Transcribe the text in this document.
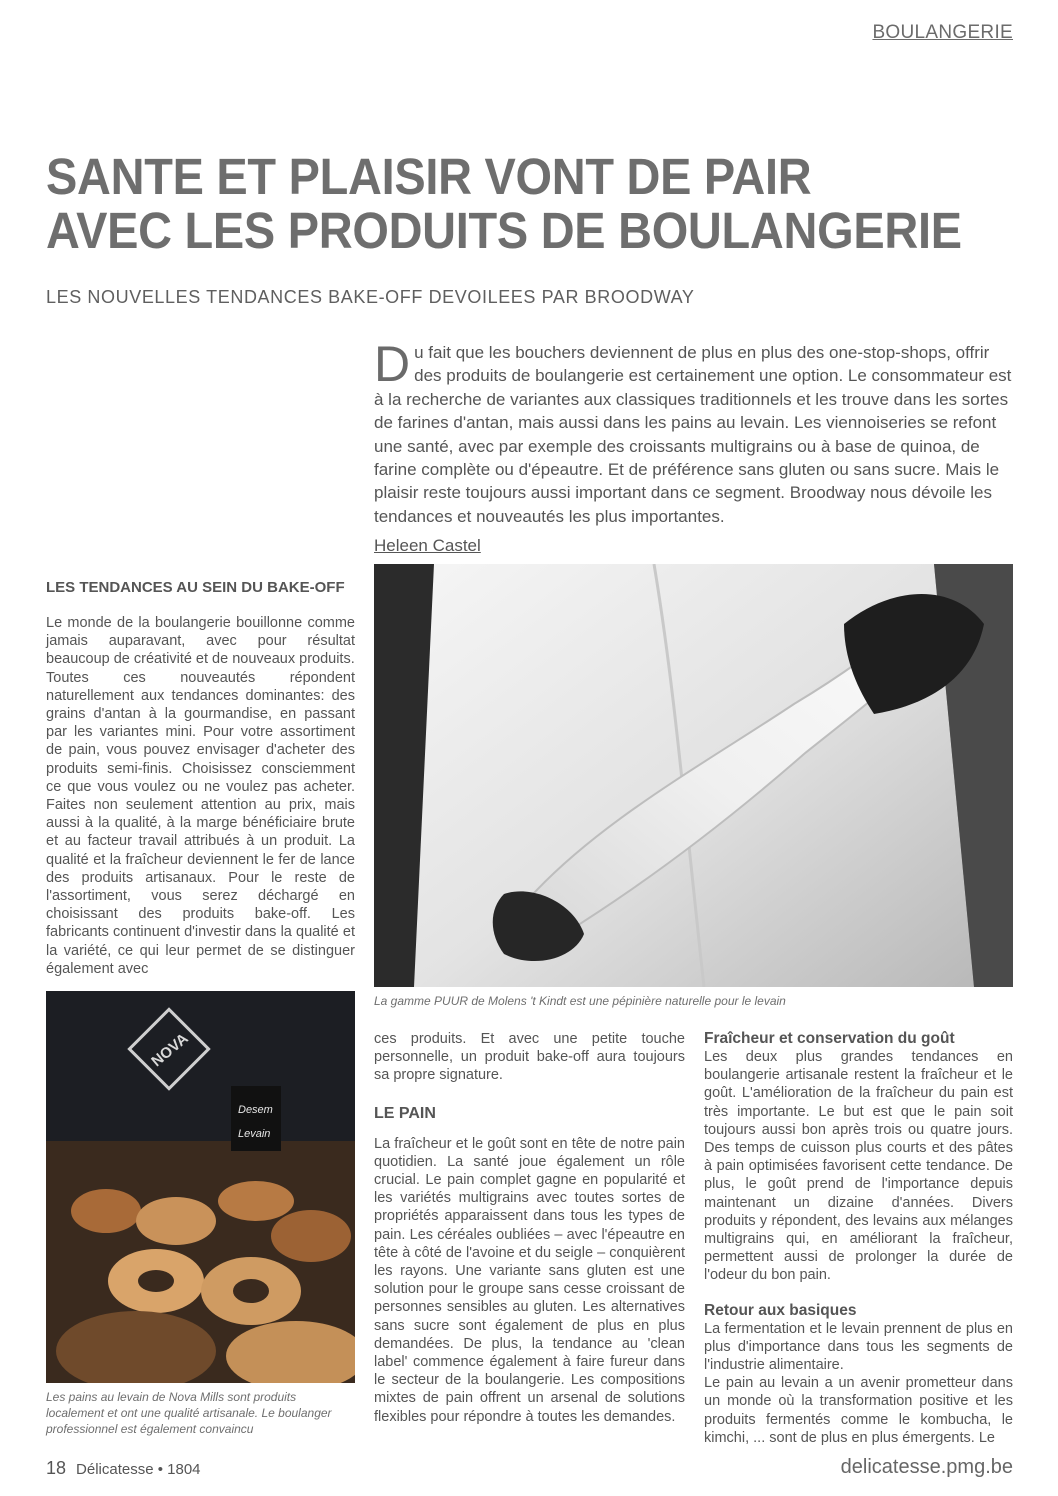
BOULANGERIE
SANTE ET PLAISIR VONT DE PAIR
AVEC LES PRODUITS DE BOULANGERIE
LES NOUVELLES TENDANCES BAKE-OFF DEVOILEES PAR BROODWAY

Du fait que les bouchers deviennent de plus en plus des one-stop-shops, offrir des produits de boulangerie est certainement une option. Le consommateur est à la recherche de variantes aux classiques traditionnels et les trouve dans les sortes de farines d'antan, mais aussi dans les pains au levain. Les viennoiseries se refont une santé, avec par exemple des croissants multigrains ou à base de quinoa, de farine complète ou d'épeautre. Et de préférence sans gluten ou sans sucre. Mais le plaisir reste toujours aussi important dans ce segment. Broodway nous dévoile les tendances et nouveautés les plus importantes.

Heleen Castel
La gamme PUUR de Molens 't Kindt est une pépinière naturelle pour le levain
LES TENDANCES AU SEIN DU BAKE-OFF

Le monde de la boulangerie bouillonne comme jamais auparavant, avec pour résultat beaucoup de créativité et de nouveaux produits.

Toutes ces nouveautés répondent naturellement aux tendances dominantes: des grains d'antan à la gourmandise, en passant par les variantes mini. Pour votre assortiment de pain, vous pouvez envisager d'acheter des produits semi-finis. Choisissez consciemment ce que vous voulez ou ne voulez pas acheter. Faites non seulement attention au prix, mais aussi à la qualité, à la marge bénéficiaire brute et au facteur travail attribués à un produit. La qualité et la fraîcheur deviennent le fer de lance des produits artisanaux. Pour le reste de l'assortiment, vous serez déchargé en choisissant des produits bake-off. Les fabricants continuent d'investir dans la qualité et la variété, ce qui leur permet de se distinguer également avec

NOVA
Desem
Levain
Les pains au levain de Nova Mills sont produits localement et ont une qualité artisanale. Le boulanger professionnel est également convaincu

ces produits. Et avec une petite touche personnelle, un produit bake-off aura toujours sa propre signature.

LE PAIN

La fraîcheur et le goût sont en tête de notre pain quotidien. La santé joue également un rôle crucial. Le pain complet gagne en popularité et les variétés multigrains avec toutes sortes de propriétés apparaissent dans tous les types de pain. Les céréales oubliées – avec l'épeautre en tête à côté de l'avoine et du seigle – conquièrent les rayons. Une variante sans gluten est une solution pour le groupe sans cesse croissant de personnes sensibles au gluten. Les alternatives sans sucre sont également de plus en plus demandées. De plus, la tendance au 'clean label' commence également à faire fureur dans le secteur de la boulangerie. Les compositions mixtes de pain offrent un arsenal de solutions flexibles pour répondre à toutes les demandes.

Fraîcheur et conservation du goût

Les deux plus grandes tendances en boulangerie artisanale restent la fraîcheur et le goût. L'amélioration de la fraîcheur du pain est très importante. Le but est que le pain soit toujours aussi bon après trois ou quatre jours. Des temps de cuisson plus courts et des pâtes à pain optimisées favorisent cette tendance. De plus, le goût prend de l'importance depuis maintenant un dizaine d'années. Divers produits y répondent, des levains aux mélanges multigrains qui, en améliorant la fraîcheur, permettent aussi de prolonger la durée de l'odeur du bon pain.

Retour aux basiques

La fermentation et le levain prennent de plus en plus d'importance dans tous les segments de l'industrie alimentaire.

Le pain au levain a un avenir prometteur dans un monde où la transformation positive et les produits fermentés comme le kombucha, le kimchi, ... sont de plus en plus émergents. Le

18 Délicatesse • 1804	delicatesse.pmg.be
